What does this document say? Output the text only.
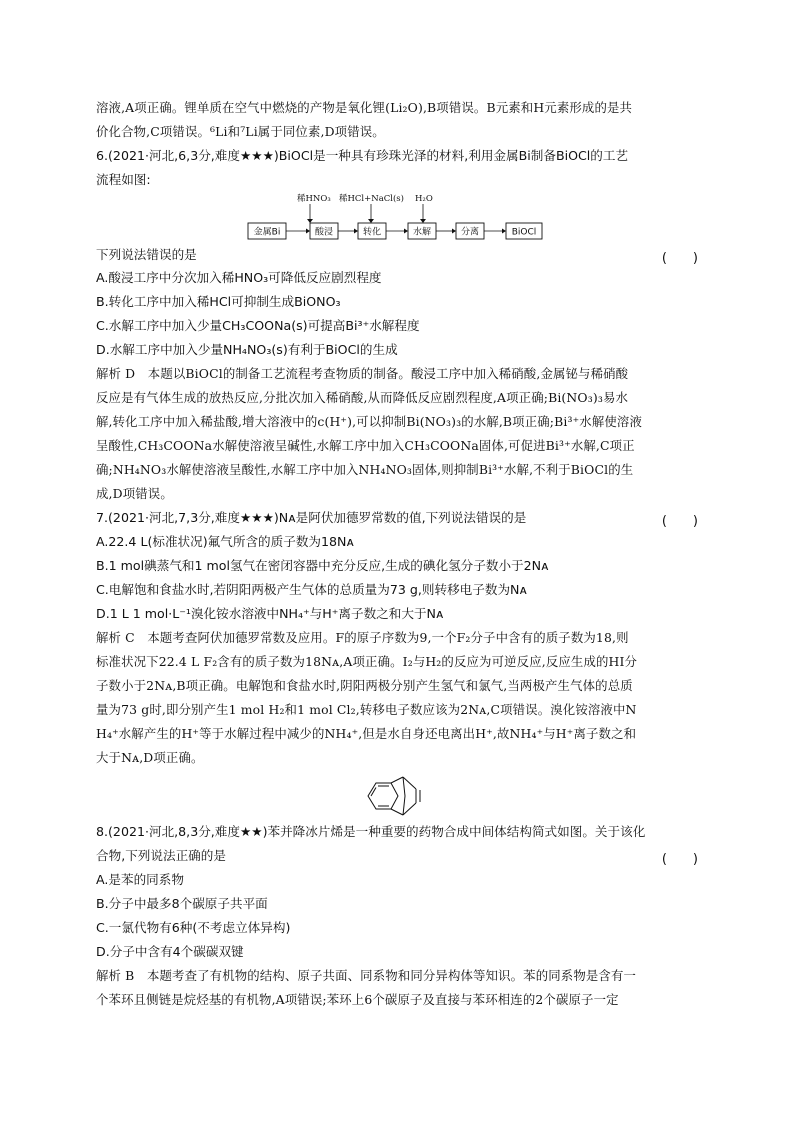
溶液,A项正确。锂单质在空气中燃烧的产物是氧化锂(Li₂O),B项错误。B元素和H元素形成的是共
价化合物,C项错误。⁶Li和⁷Li属于同位素,D项错误。
6.(2021·河北,6,3分,难度★★★)BiOCl是一种具有珍珠光泽的材料,利用金属Bi制备BiOCl的工艺
流程如图:
稀HNO₃ 稀HCl+NaCl(s) H₂O
金属Bi	酸浸	转化	水解	分离	BiOCl
下列说法错误的是	(　　)
A.酸浸工序中分次加入稀HNO₃可降低反应剧烈程度
B.转化工序中加入稀HCl可抑制生成BiONO₃
C.水解工序中加入少量CH₃COONa(s)可提高Bi³⁺水解程度
D.水解工序中加入少量NH₄NO₃(s)有利于BiOCl的生成
解析 D　本题以BiOCl的制备工艺流程考查物质的制备。酸浸工序中加入稀硝酸,金属铋与稀硝酸
反应是有气体生成的放热反应,分批次加入稀硝酸,从而降低反应剧烈程度,A项正确;Bi(NO₃)₃易水
解,转化工序中加入稀盐酸,增大溶液中的c(H⁺),可以抑制Bi(NO₃)₃的水解,B项正确;Bi³⁺水解使溶液
呈酸性,CH₃COONa水解使溶液呈碱性,水解工序中加入CH₃COONa固体,可促进Bi³⁺水解,C项正
确;NH₄NO₃水解使溶液呈酸性,水解工序中加入NH₄NO₃固体,则抑制Bi³⁺水解,不利于BiOCl的生
成,D项错误。
7.(2021·河北,7,3分,难度★★★)Nᴀ是阿伏加德罗常数的值,下列说法错误的是	(　　)
A.22.4 L(标准状况)氟气所含的质子数为18Nᴀ
B.1 mol碘蒸气和1 mol氢气在密闭容器中充分反应,生成的碘化氢分子数小于2Nᴀ
C.电解饱和食盐水时,若阴阳两极产生气体的总质量为73 g,则转移电子数为Nᴀ
D.1 L 1 mol·L⁻¹溴化铵水溶液中NH₄⁺与H⁺离子数之和大于Nᴀ
解析 C　本题考查阿伏加德罗常数及应用。F的原子序数为9,一个F₂分子中含有的质子数为18,则
标准状况下22.4 L F₂含有的质子数为18Nᴀ,A项正确。I₂与H₂的反应为可逆反应,反应生成的HI分
子数小于2Nᴀ,B项正确。电解饱和食盐水时,阴阳两极分别产生氢气和氯气,当两极产生气体的总质
量为73 g时,即分别产生1 mol H₂和1 mol Cl₂,转移电子数应该为2Nᴀ,C项错误。溴化铵溶液中N
H₄⁺水解产生的H⁺等于水解过程中减少的NH₄⁺,但是水自身还电离出H⁺,故NH₄⁺与H⁺离子数之和
大于Nᴀ,D项正确。
8.(2021·河北,8,3分,难度★★)苯并降冰片烯是一种重要的药物合成中间体结构简式如图。关于该化
合物,下列说法正确的是	(　　)
A.是苯的同系物
B.分子中最多8个碳原子共平面
C.一氯代物有6种(不考虑立体异构)
D.分子中含有4个碳碳双键
解析 B　本题考查了有机物的结构、原子共面、同系物和同分异构体等知识。苯的同系物是含有一
个苯环且侧链是烷烃基的有机物,A项错误;苯环上6个碳原子及直接与苯环相连的2个碳原子一定
